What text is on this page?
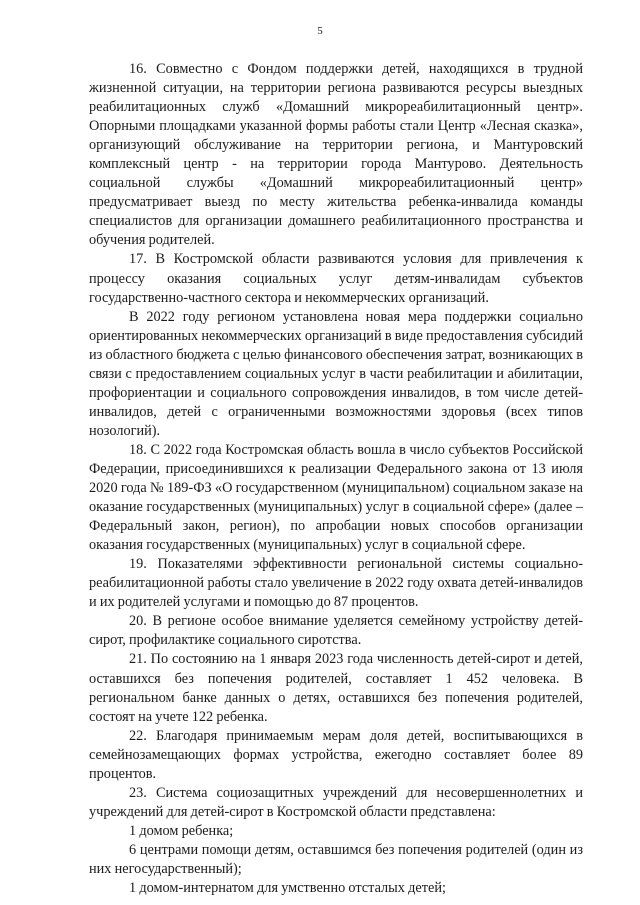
5

16. Совместно с Фондом поддержки детей, находящихся в трудной жизненной ситуации, на территории региона развиваются ресурсы выездных реабилитационных служб «Домашний микрореабилитационный центр». Опорными площадками указанной формы работы стали Центр «Лесная сказка», организующий обслуживание на территории региона, и Мантуровский комплексный центр - на территории города Мантурово. Деятельность социальной службы «Домашний микрореабилитационный центр» предусматривает выезд по месту жительства ребенка-инвалида команды специалистов для организации домашнего реабилитационного пространства и обучения родителей.

17. В Костромской области развиваются условия для привлечения к процессу оказания социальных услуг детям-инвалидам субъектов государственно-частного сектора и некоммерческих организаций.

В 2022 году регионом установлена новая мера поддержки социально ориентированных некоммерческих организаций в виде предоставления субсидий из областного бюджета с целью финансового обеспечения затрат, возникающих в связи с предоставлением социальных услуг в части реабилитации и абилитации, профориентации и социального сопровождения инвалидов, в том числе детей-инвалидов, детей с ограниченными возможностями здоровья (всех типов нозологий).

18. С 2022 года Костромская область вошла в число субъектов Российской Федерации, присоединившихся к реализации Федерального закона от 13 июля 2020 года № 189-ФЗ «О государственном (муниципальном) социальном заказе на оказание государственных (муниципальных) услуг в социальной сфере» (далее – Федеральный закон, регион), по апробации новых способов организации оказания государственных (муниципальных) услуг в социальной сфере.

19. Показателями эффективности региональной системы социально-реабилитационной работы стало увеличение в 2022 году охвата детей-инвалидов и их родителей услугами и помощью до 87 процентов.

20. В регионе особое внимание уделяется семейному устройству детей-сирот, профилактике социального сиротства.

21. По состоянию на 1 января 2023 года численность детей-сирот и детей, оставшихся без попечения родителей, составляет 1 452 человека. В региональном банке данных о детях, оставшихся без попечения родителей, состоят на учете 122 ребенка.

22. Благодаря принимаемым мерам доля детей, воспитывающихся в семейнозамещающих формах устройства, ежегодно составляет более 89 процентов.

23. Система социозащитных учреждений для несовершеннолетних и учреждений для детей-сирот в Костромской области представлена:

1 домом ребенка;

6 центрами помощи детям, оставшимся без попечения родителей (один из них негосударственный);

1 домом-интернатом для умственно отсталых детей;
